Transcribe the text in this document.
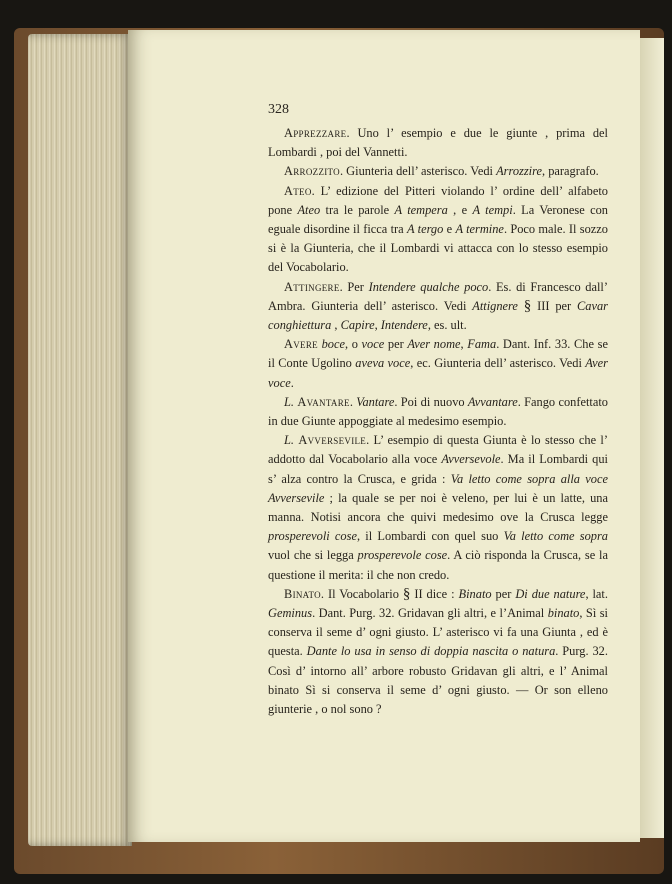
328

Apprezzare. Uno l’ esempio e due le giunte , prima del Lombardi , poi del Vannetti.

Arrozzito. Giunteria dell’ asterisco. Vedi Arrozzire, paragrafo.

Ateo. L’ edizione del Pitteri violando l’ ordine dell’ alfabeto pone Ateo tra le parole A tempera , e A tempi. La Veronese con eguale disordine il ficca tra A tergo e A termine. Poco male. Il sozzo si è la Giunteria, che il Lombardi vi attacca con lo stesso esempio del Vocabolario.

Attingere. Per Intendere qualche poco. Es. di Francesco dall’ Ambra. Giunteria dell’ asterisco. Vedi Attignere § III per Cavar conghiettura , Capire, Intendere, es. ult.

Avere boce, o voce per Aver nome, Fama. Dant. Inf. 33. Che se il Conte Ugolino aveva voce, ec. Giunteria dell’ asterisco. Vedi Aver voce.

L. Avantare. Vantare. Poi di nuovo Avvantare. Fango confettato in due Giunte appoggiate al medesimo esempio.

L. Avversevile. L’ esempio di questa Giunta è lo stesso che l’ addotto dal Vocabolario alla voce Avversevole. Ma il Lombardi qui s’ alza contro la Crusca, e grida : Va letto come sopra alla voce Avversevile ; la quale se per noi è veleno, per lui è un latte, una manna. Notisi ancora che quivi medesimo ove la Crusca legge prosperevoli cose, il Lombardi con quel suo Va letto come sopra vuol che si legga prosperevole cose. A ciò risponda la Crusca, se la questione il merita: il che non credo.

Binato. Il Vocabolario § II dice : Binato per Di due nature, lat. Geminus. Dant. Purg. 32. Gridavan gli altri, e l’Animal binato, Sì si conserva il seme d’ ogni giusto. L’ asterisco vi fa una Giunta , ed è questa. Dante lo usa in senso di doppia nascita o natura. Purg. 32. Così d’ intorno all’ arbore robusto Gridavan gli altri, e l’ Animal binato Sì si conserva il seme d’ ogni giusto. — Or son elleno giunterie , o nol sono ?
